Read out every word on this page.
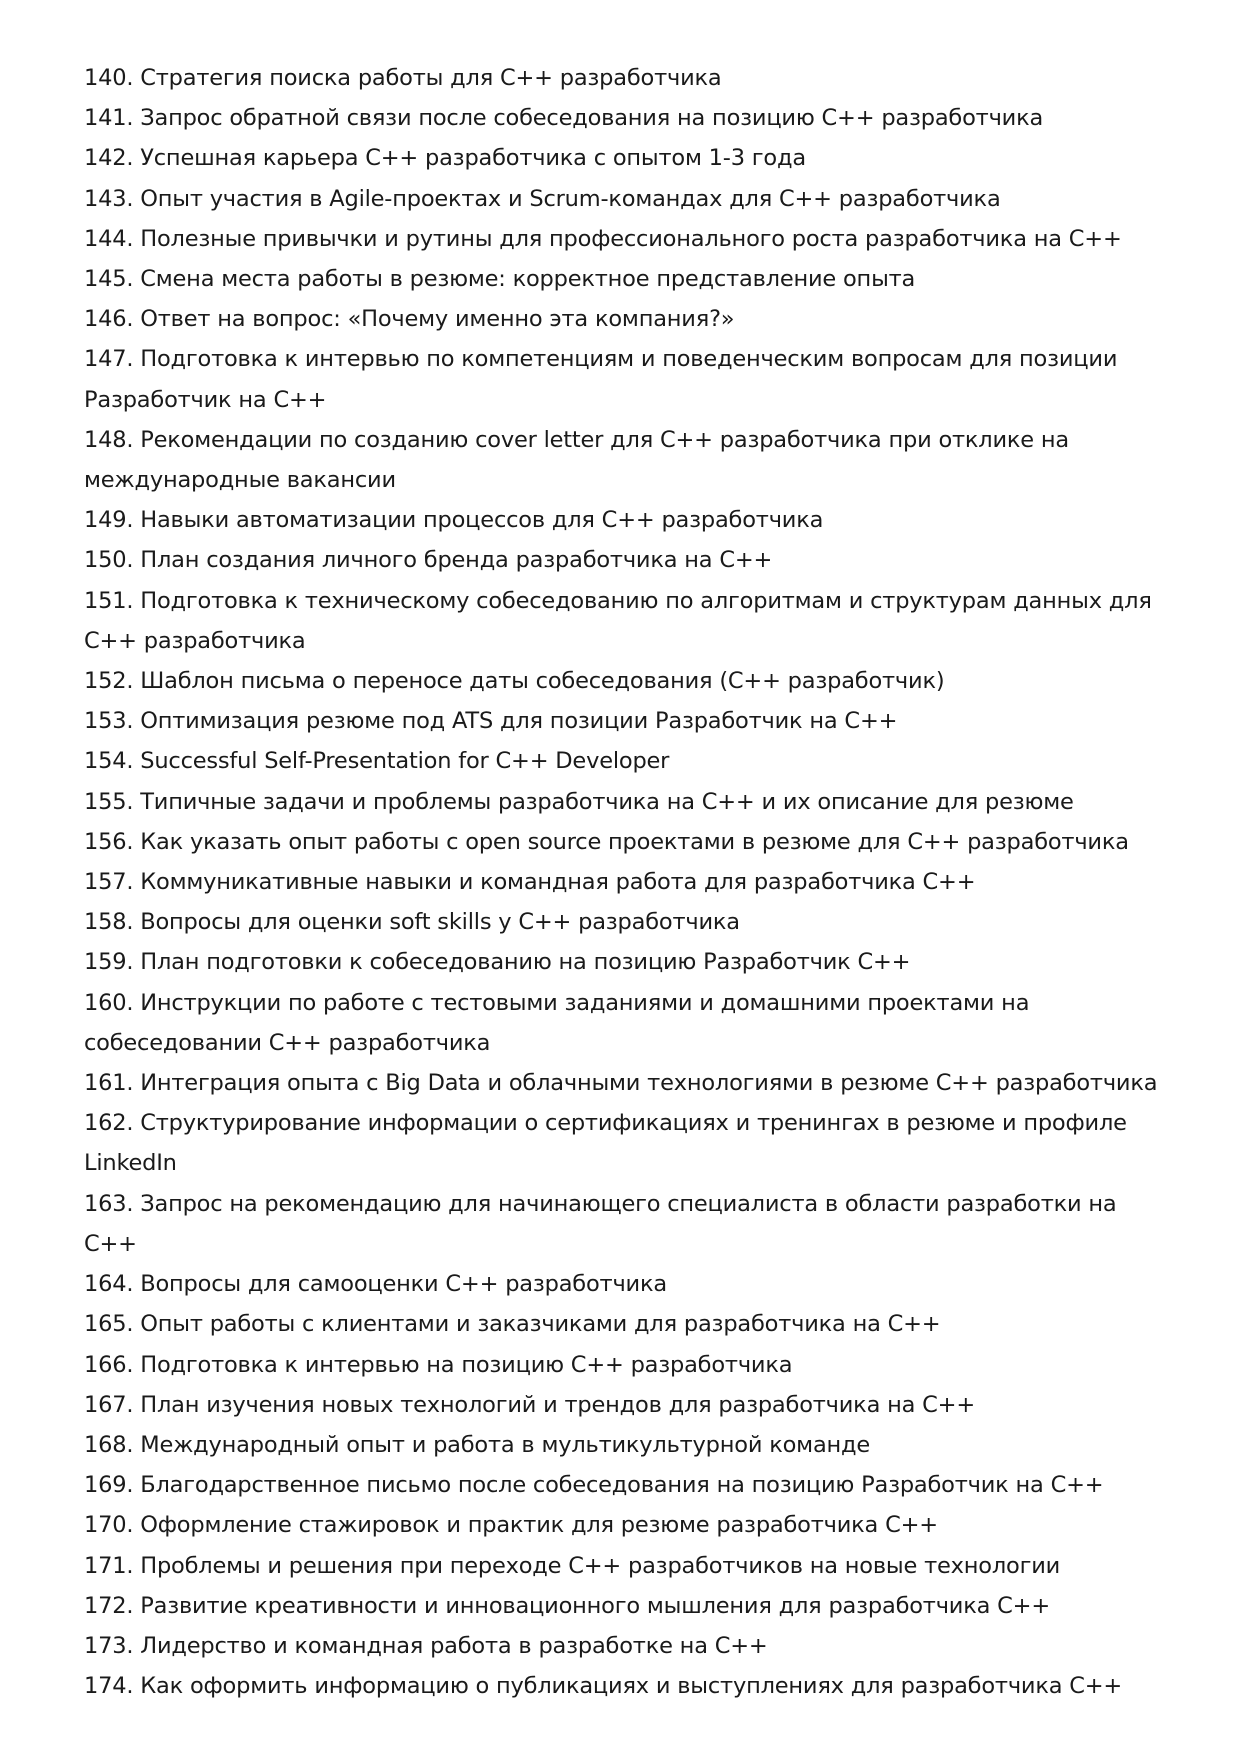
140. Стратегия поиска работы для C++ разработчика
141. Запрос обратной связи после собеседования на позицию C++ разработчика
142. Успешная карьера C++ разработчика с опытом 1-3 года
143. Опыт участия в Agile-проектах и Scrum-командах для C++ разработчика
144. Полезные привычки и рутины для профессионального роста разработчика на C++
145. Смена места работы в резюме: корректное представление опыта
146. Ответ на вопрос: «Почему именно эта компания?»
147. Подготовка к интервью по компетенциям и поведенческим вопросам для позиции Разработчик на C++
148. Рекомендации по созданию cover letter для C++ разработчика при отклике на международные вакансии
149. Навыки автоматизации процессов для C++ разработчика
150. План создания личного бренда разработчика на C++
151. Подготовка к техническому собеседованию по алгоритмам и структурам данных для C++ разработчика
152. Шаблон письма о переносе даты собеседования (C++ разработчик)
153. Оптимизация резюме под ATS для позиции Разработчик на C++
154. Successful Self-Presentation for C++ Developer
155. Типичные задачи и проблемы разработчика на C++ и их описание для резюме
156. Как указать опыт работы с open source проектами в резюме для C++ разработчика
157. Коммуникативные навыки и командная работа для разработчика C++
158. Вопросы для оценки soft skills у C++ разработчика
159. План подготовки к собеседованию на позицию Разработчик C++
160. Инструкции по работе с тестовыми заданиями и домашними проектами на собеседовании C++ разработчика
161. Интеграция опыта с Big Data и облачными технологиями в резюме C++ разработчика
162. Структурирование информации о сертификациях и тренингах в резюме и профиле LinkedIn
163. Запрос на рекомендацию для начинающего специалиста в области разработки на C++
164. Вопросы для самооценки C++ разработчика
165. Опыт работы с клиентами и заказчиками для разработчика на C++
166. Подготовка к интервью на позицию C++ разработчика
167. План изучения новых технологий и трендов для разработчика на C++
168. Международный опыт и работа в мультикультурной команде
169. Благодарственное письмо после собеседования на позицию Разработчик на C++
170. Оформление стажировок и практик для резюме разработчика C++
171. Проблемы и решения при переходе C++ разработчиков на новые технологии
172. Развитие креативности и инновационного мышления для разработчика C++
173. Лидерство и командная работа в разработке на C++
174. Как оформить информацию о публикациях и выступлениях для разработчика C++
